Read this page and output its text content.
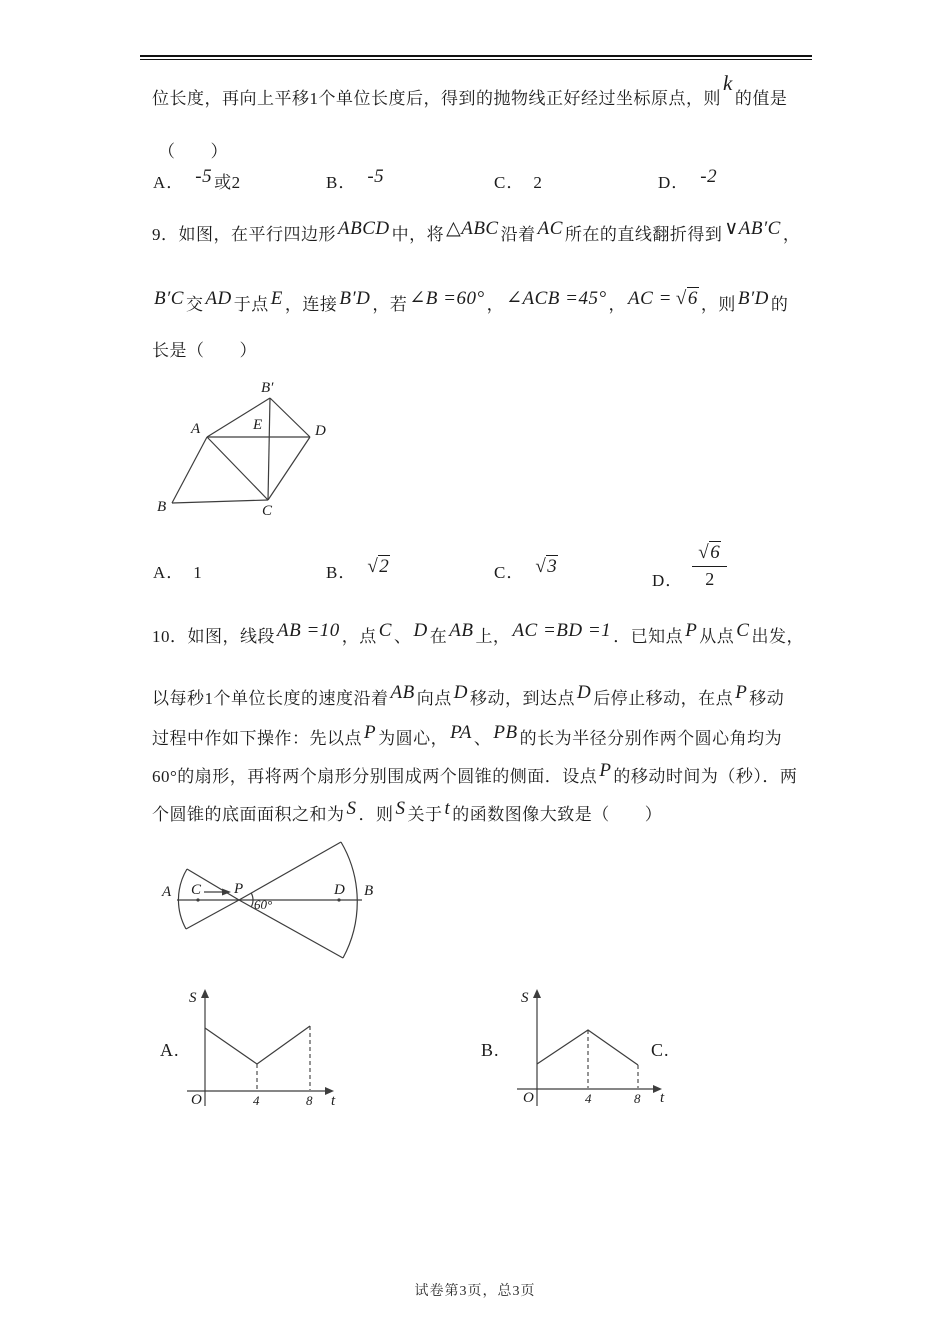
位长度，再向上平移1个单位长度后，得到的抛物线正好经过坐标原点，则k的值是
（　　）
A． -5 或2	B． -5	C． 2	D． -2
9．如图，在平行四边形 ABCD 中，将 △ABC 沿着 AC 所在的直线翻折得到 ∨AB′C ，
B′C 交 AD 于点 E ，连接 B′D ，若 ∠B =60° ， ∠ACB =45° ， AC = √6 ，则 B′D 的
长是（　　）
B′
A	E	D
B	C
A． 1	B． √2	C． √3
D． $\frac{√6}{2}$
10．如图，线段 AB =10 ，点 C 、 D 在 AB 上， AC =BD =1 ．已知点 P 从点 C 出发，
以每秒1个单位长度的速度沿着 AB 向点 D 移动，到达点 D 后停止移动，在点 P 移动
过程中作如下操作：先以点 P 为圆心， PA 、 PB 的长为半径分别作两个圆心角均为
60°的扇形，再将两个扇形分别围成两个圆锥的侧面．设点 P 的移动时间为（秒）．两
个圆锥的底面面积之和为 S ．则 S 关于 t 的函数图像大致是（　　）
A C P
60°
D B
A.
S
O	4	8 t
B.
S
O	4	8 t
C.
试卷第3页，总3页
